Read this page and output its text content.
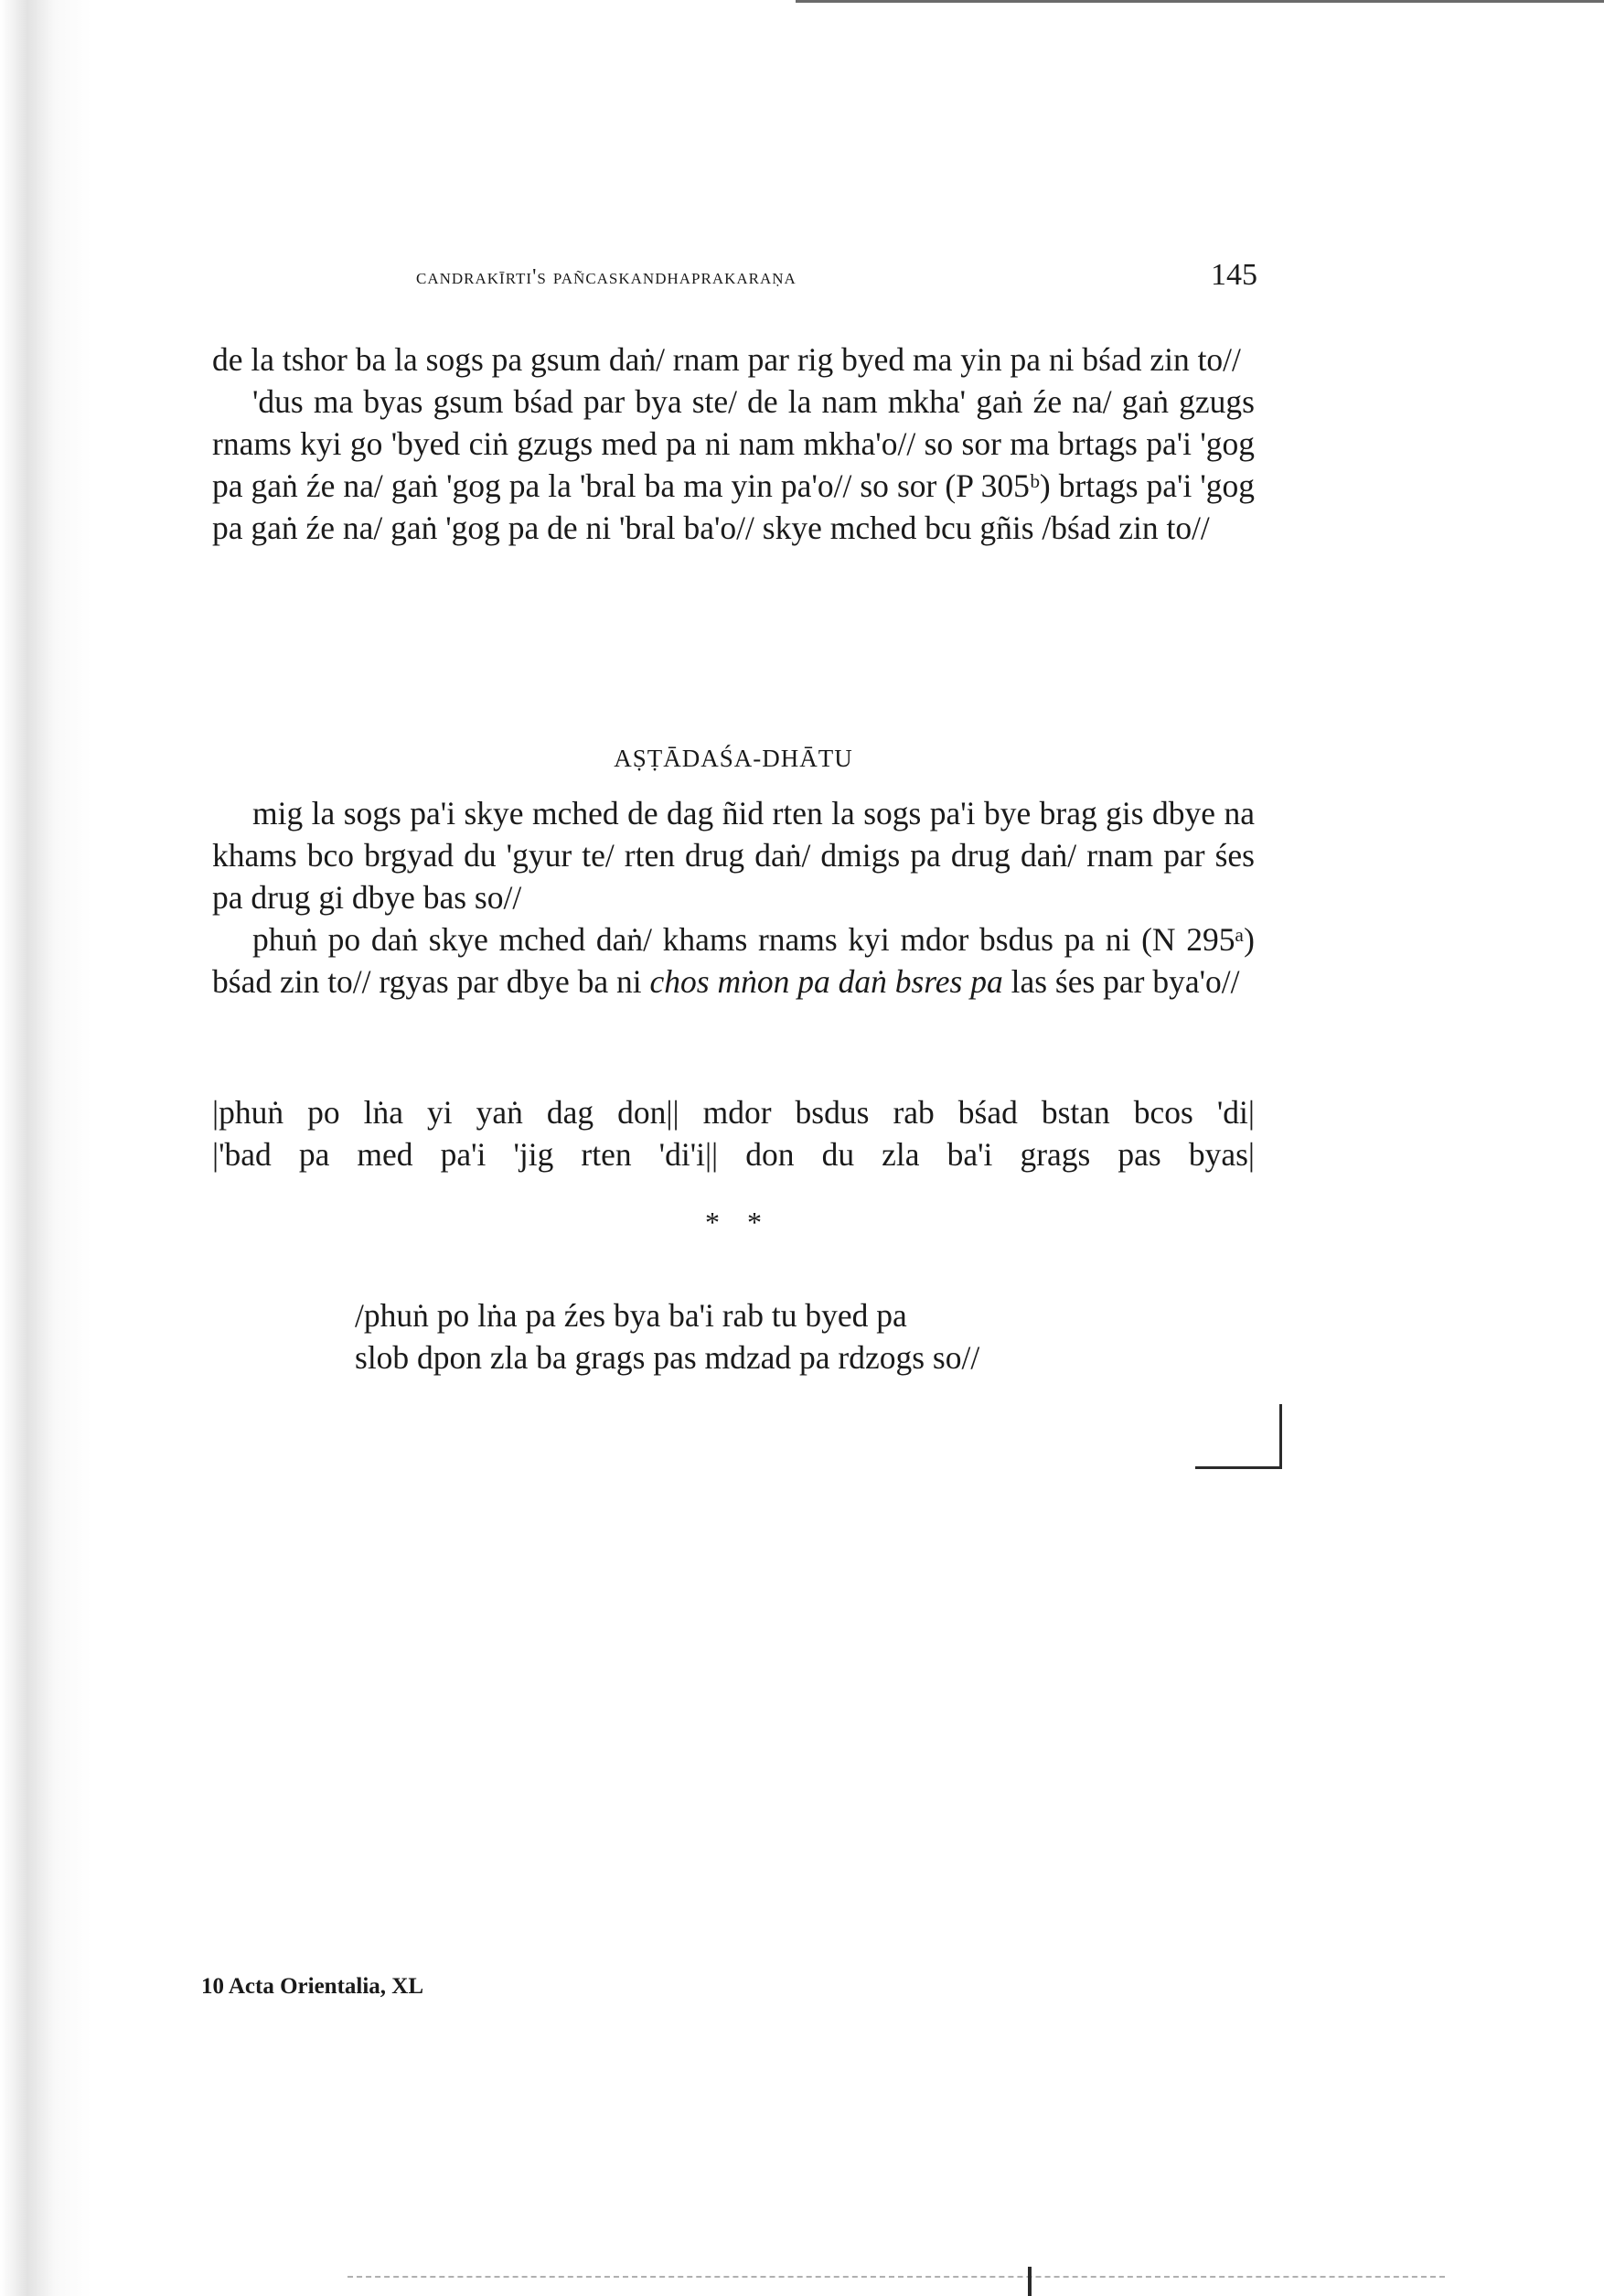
candrakīrti's pañcaskandhaprakaraṇa	145

de la tshor ba la sogs pa gsum daṅ/ rnam par rig byed ma yin pa ni bśad zin to//

'dus ma byas gsum bśad par bya ste/ de la nam mkha' gaṅ źe na/ gaṅ gzugs rnams kyi go 'byed ciṅ gzugs med pa ni nam mkha'o// so sor ma brtags pa'i 'gog pa gaṅ źe na/ gaṅ 'gog pa la 'bral ba ma yin pa'o// so sor (P 305ᵇ) brtags pa'i 'gog pa gaṅ źe na/ gaṅ 'gog pa de ni 'bral ba'o// skye mched bcu gñis /bśad zin to//

AṢṬĀDAŚA-DHĀTU

mig la sogs pa'i skye mched de dag ñid rten la sogs pa'i bye brag gis dbye na khams bco brgyad du 'gyur te/ rten drug daṅ/ dmigs pa drug daṅ/ rnam par śes pa drug gi dbye bas so//

phuṅ po daṅ skye mched daṅ/ khams rnams kyi mdor bsdus pa ni (N 295ᵃ) bśad zin to// rgyas par dbye ba ni chos mṅon pa daṅ bsres pa las śes par bya'o//

|phuṅ po lṅa yi yaṅ dag don|| mdor bsdus rab bśad bstan bcos 'di|

|'bad pa med pa'i 'jig rten 'di'i|| don du zla ba'i grags pas byas|

* *

/phuṅ po lṅa pa źes bya ba'i rab tu byed pa

slob dpon zla ba grags pas mdzad pa rdzogs so//

10 Acta Orientalia, XL
